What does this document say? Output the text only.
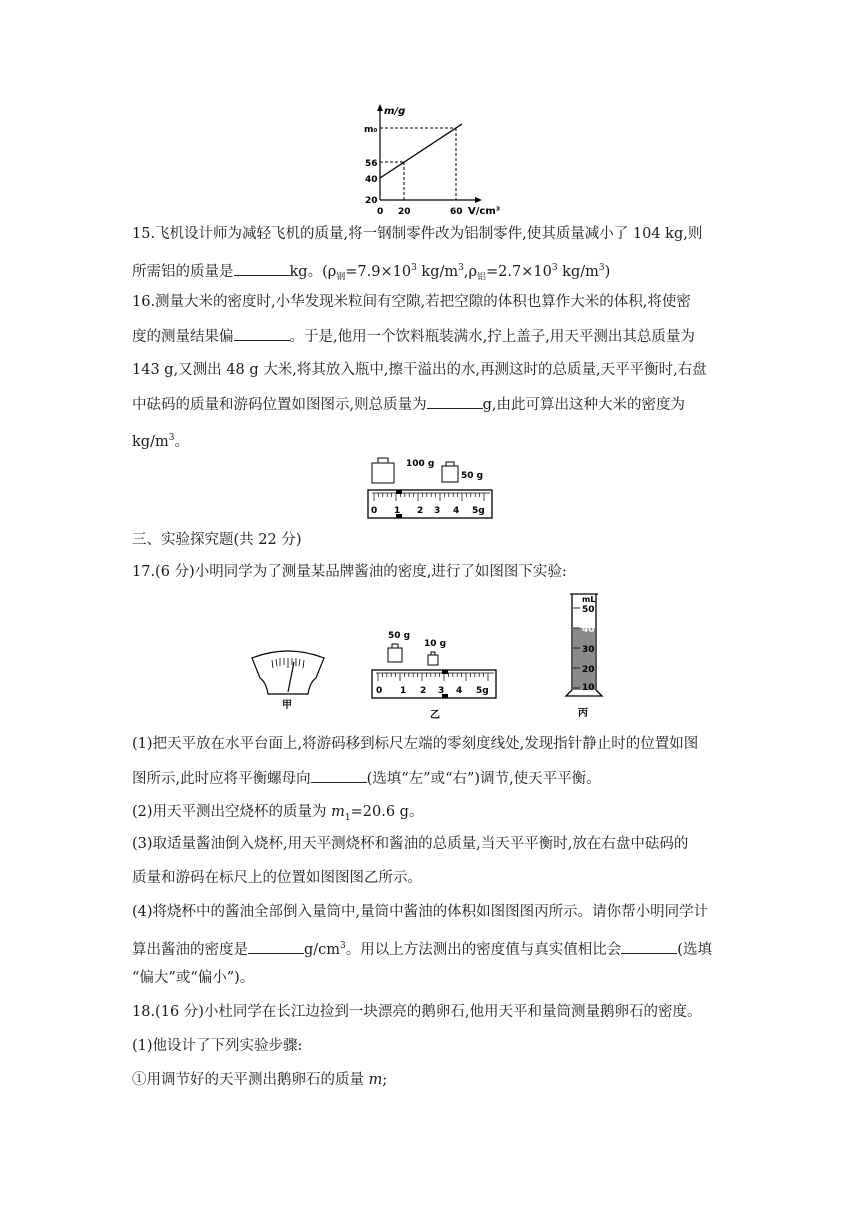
m/g
V/cm³
m₀
56
40
20
0 20	60
15.飞机设计师为减轻飞机的质量,将一钢制零件改为铝制零件,使其质量减小了 104 kg,则
所需铝的质量是	kg。($\rho_钢=7.9\times 10^3$ $kg/m^3,\rho_铝=2.7\times 10^3$ $kg/m^3$)
16.测量大米的密度时,小华发现米粒间有空隙,若把空隙的体积也算作大米的体积,将使密
度的测量结果偏	。于是,他用一个饮料瓶装满水,拧上盖子,用天平测出其总质量为
143 g,又测出 48 g 大米,将其放入瓶中,擦干溢出的水,再测这时的总质量,天平平衡时,右盘
中砝码的质量和游码位置如图图示,则总质量为	g,由此可算出这种大米的密度为
$kg/m^3$。
100 g
50 g
0 1 2 3 4 5g
三、实验探究题(共 22 分)
17.(6 分)小明同学为了测量某品牌酱油的密度,进行了如图图下实验:
甲
50 g
10 g
0 1 2 3 4 5g
乙
mL
50
40
30
20
10
丙
(1)把天平放在水平台面上,将游码移到标尺左端的零刻度线处,发现指针静止时的位置如图
图所示,此时应将平衡螺母向	(选填“左”或“右”)调节,使天平平衡。
(2)用天平测出空烧杯的质量为 $m_1=20.6$ g。
(3)取适量酱油倒入烧杯,用天平测烧杯和酱油的总质量,当天平平衡时,放在右盘中砝码的
质量和游码在标尺上的位置如图图图乙所示。
(4)将烧杯中的酱油全部倒入量筒中,量筒中酱油的体积如图图图丙所示。请你帮小明同学计
算出酱油的密度是	$g/cm^3$。用以上方法测出的密度值与真实值相比会	(选填
“偏大”或“偏小”)。
18.(16 分)小杜同学在长江边捡到一块漂亮的鹅卵石,他用天平和量筒测量鹅卵石的密度。
(1)他设计了下列实验步骤:
①用调节好的天平测出鹅卵石的质量 m;
